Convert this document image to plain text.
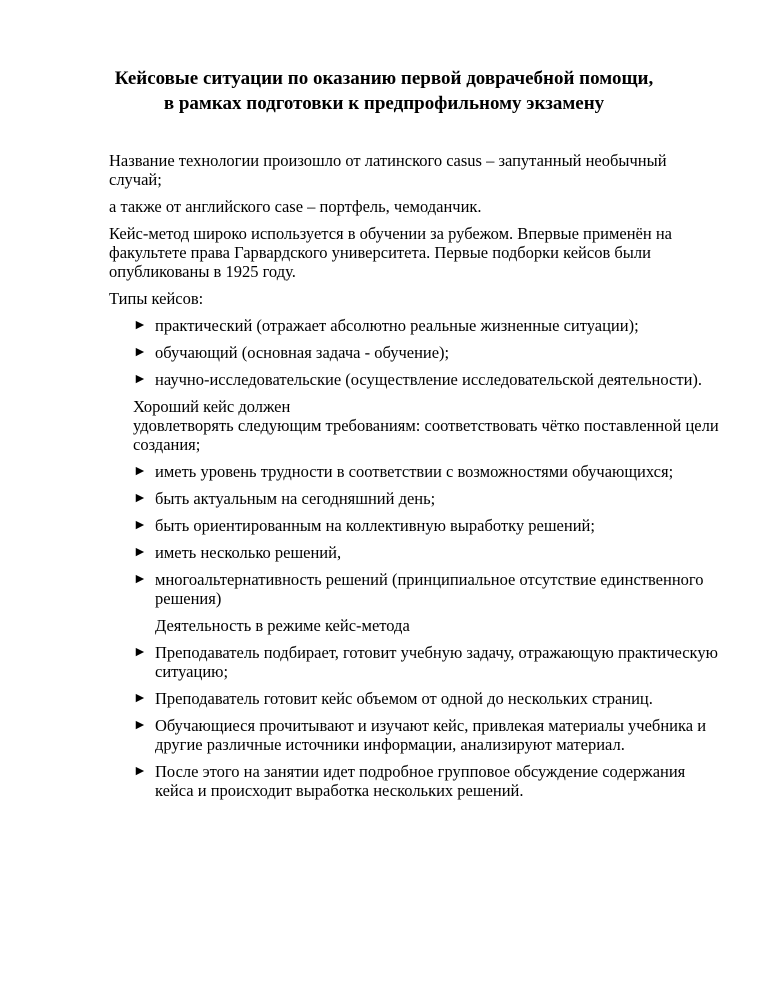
Кейсовые ситуации по оказанию первой доврачебной помощи,
в рамках подготовки к предпрофильному экзамену

Название технологии произошло от латинского casus – запутанный необычный случай;

а также от английского case – портфель, чемоданчик.

Кейс-метод широко используется в обучении за рубежом. Впервые применён на факультете права Гарвардского университета. Первые подборки кейсов были опубликованы в 1925 году.

Типы кейсов:

► практический (отражает абсолютно реальные жизненные ситуации);
► обучающий (основная задача - обучение);
► научно-исследовательские (осуществление исследовательской деятельности).
Хороший кейс должен

удовлетворять следующим требованиям: соответствовать чётко поставленной цели создания;

► иметь уровень трудности в соответствии с возможностями обучающихся;
► быть актуальным на сегодняшний день;
► быть ориентированным на коллективную выработку решений;
► иметь несколько решений,
► многоальтернативность решений (принципиальное отсутствие единственного решения)

Деятельность в режиме кейс-метода

► Преподаватель подбирает, готовит учебную задачу, отражающую практическую ситуацию;
► Преподаватель готовит кейс объемом от одной до нескольких страниц.
► Обучающиеся прочитывают и изучают кейс, привлекая материалы учебника и другие различные источники информации, анализируют материал.
► После этого на занятии идет подробное групповое обсуждение содержания кейса и происходит выработка нескольких решений.
